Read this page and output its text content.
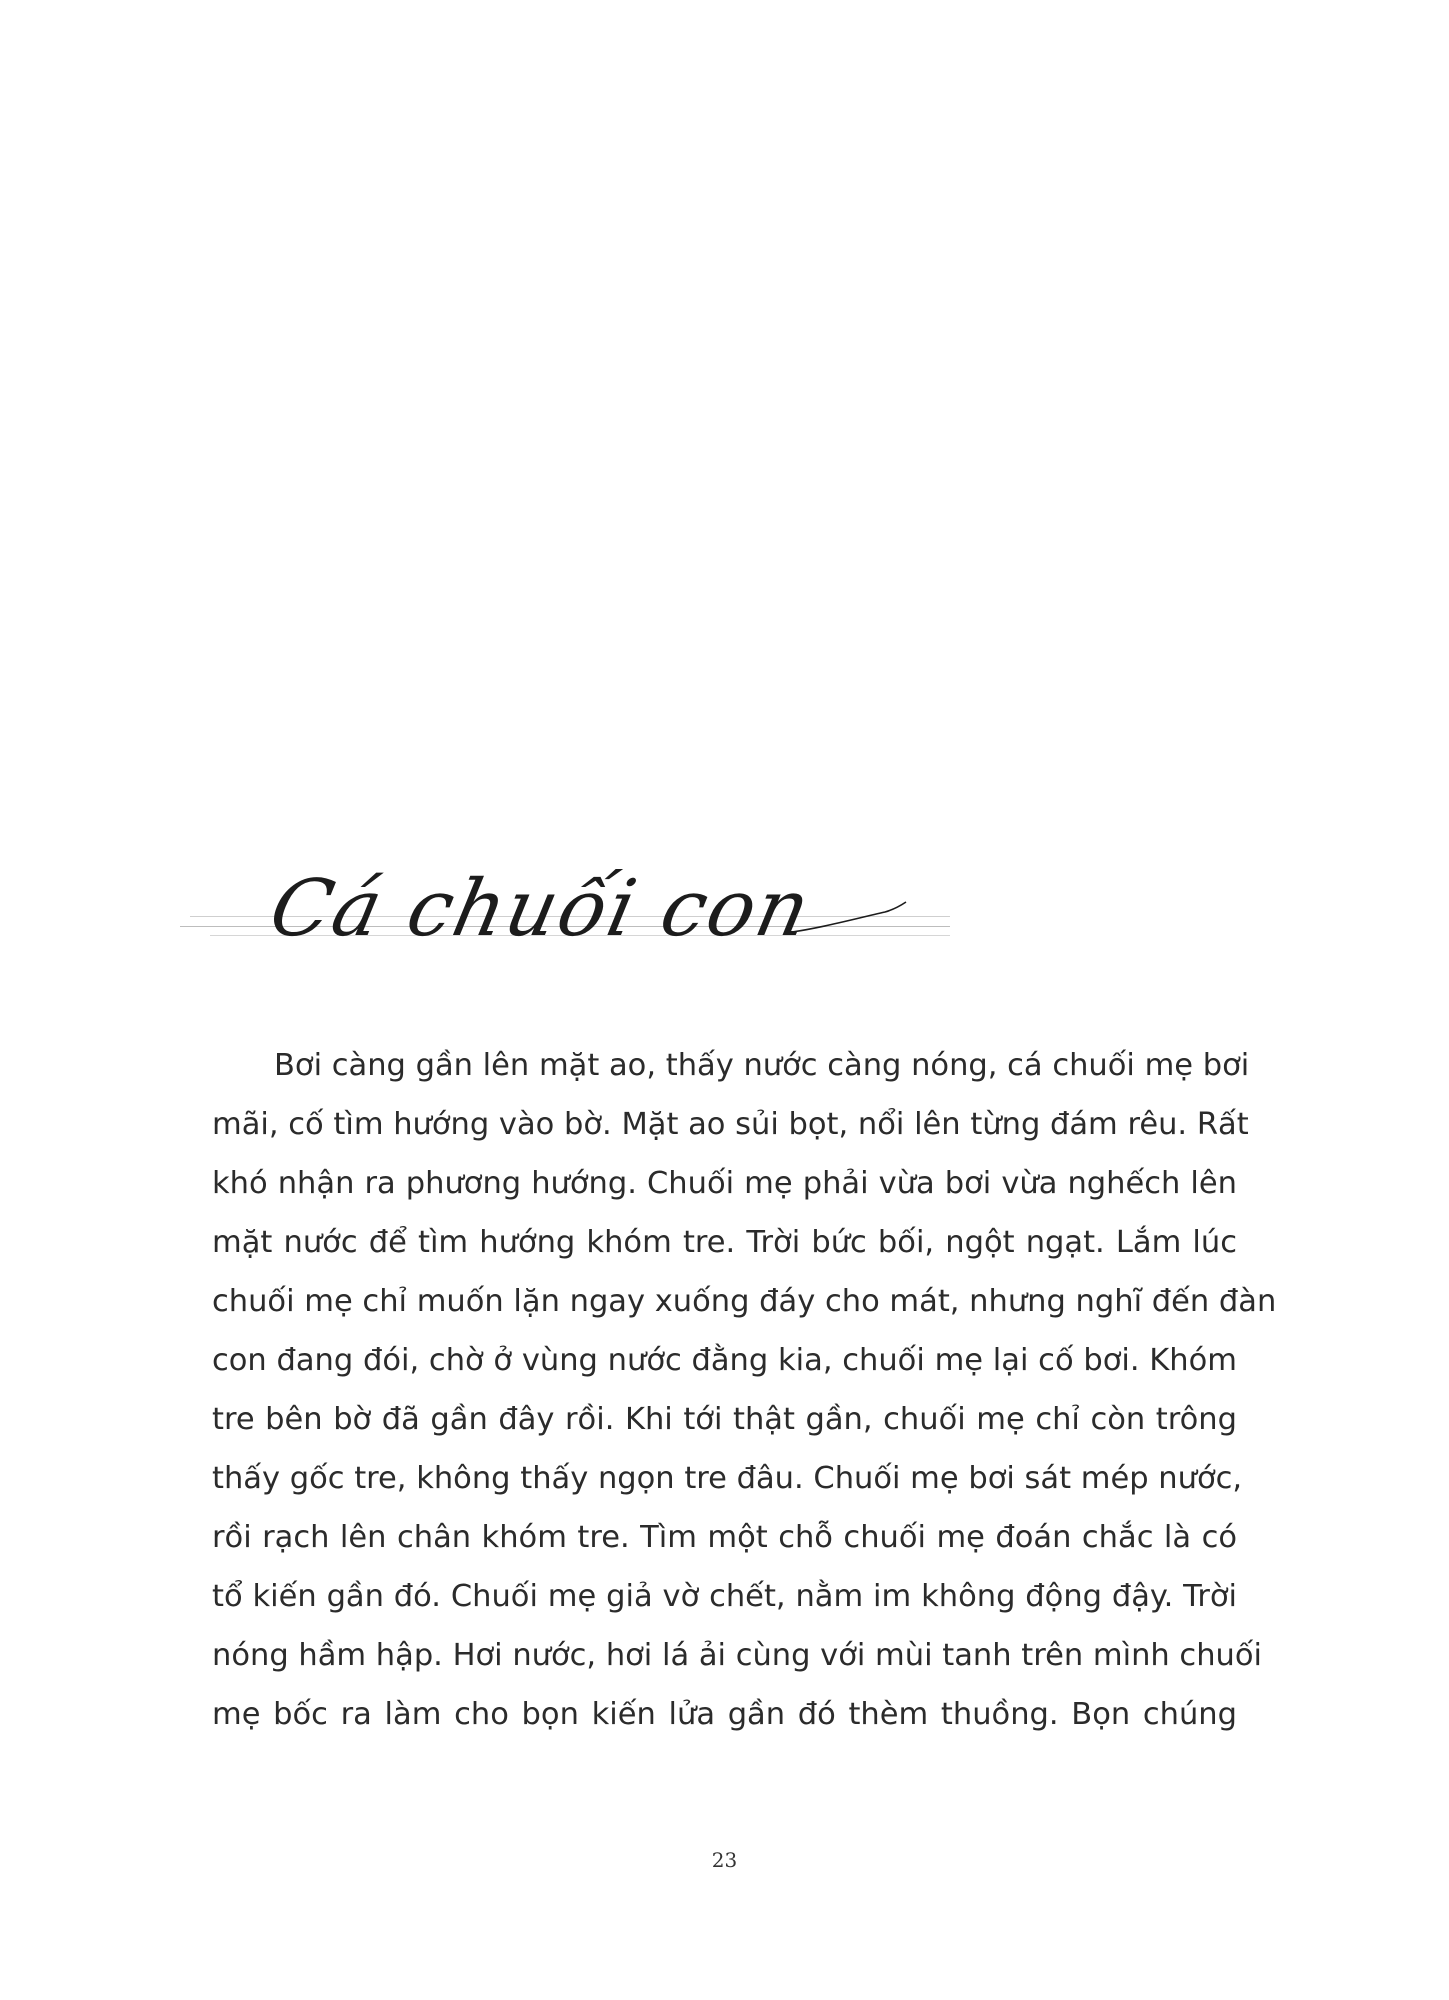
Cá chuối con
Bơi càng gần lên mặt ao, thấy nước càng nóng, cá chuối mẹ bơi
mãi, cố tìm hướng vào bờ. Mặt ao sủi bọt, nổi lên từng đám rêu. Rất
khó nhận ra phương hướng. Chuối mẹ phải vừa bơi vừa nghếch lên
mặt nước để tìm hướng khóm tre. Trời bức bối, ngột ngạt. Lắm lúc
chuối mẹ chỉ muốn lặn ngay xuống đáy cho mát, nhưng nghĩ đến đàn
con đang đói, chờ ở vùng nước đằng kia, chuối mẹ lại cố bơi. Khóm
tre bên bờ đã gần đây rồi. Khi tới thật gần, chuối mẹ chỉ còn trông
thấy gốc tre, không thấy ngọn tre đâu. Chuối mẹ bơi sát mép nước,
rồi rạch lên chân khóm tre. Tìm một chỗ chuối mẹ đoán chắc là có
tổ kiến gần đó. Chuối mẹ giả vờ chết, nằm im không động đậy. Trời
nóng hầm hập. Hơi nước, hơi lá ải cùng với mùi tanh trên mình chuối
mẹ bốc ra làm cho bọn kiến lửa gần đó thèm thuồng. Bọn chúng
23
